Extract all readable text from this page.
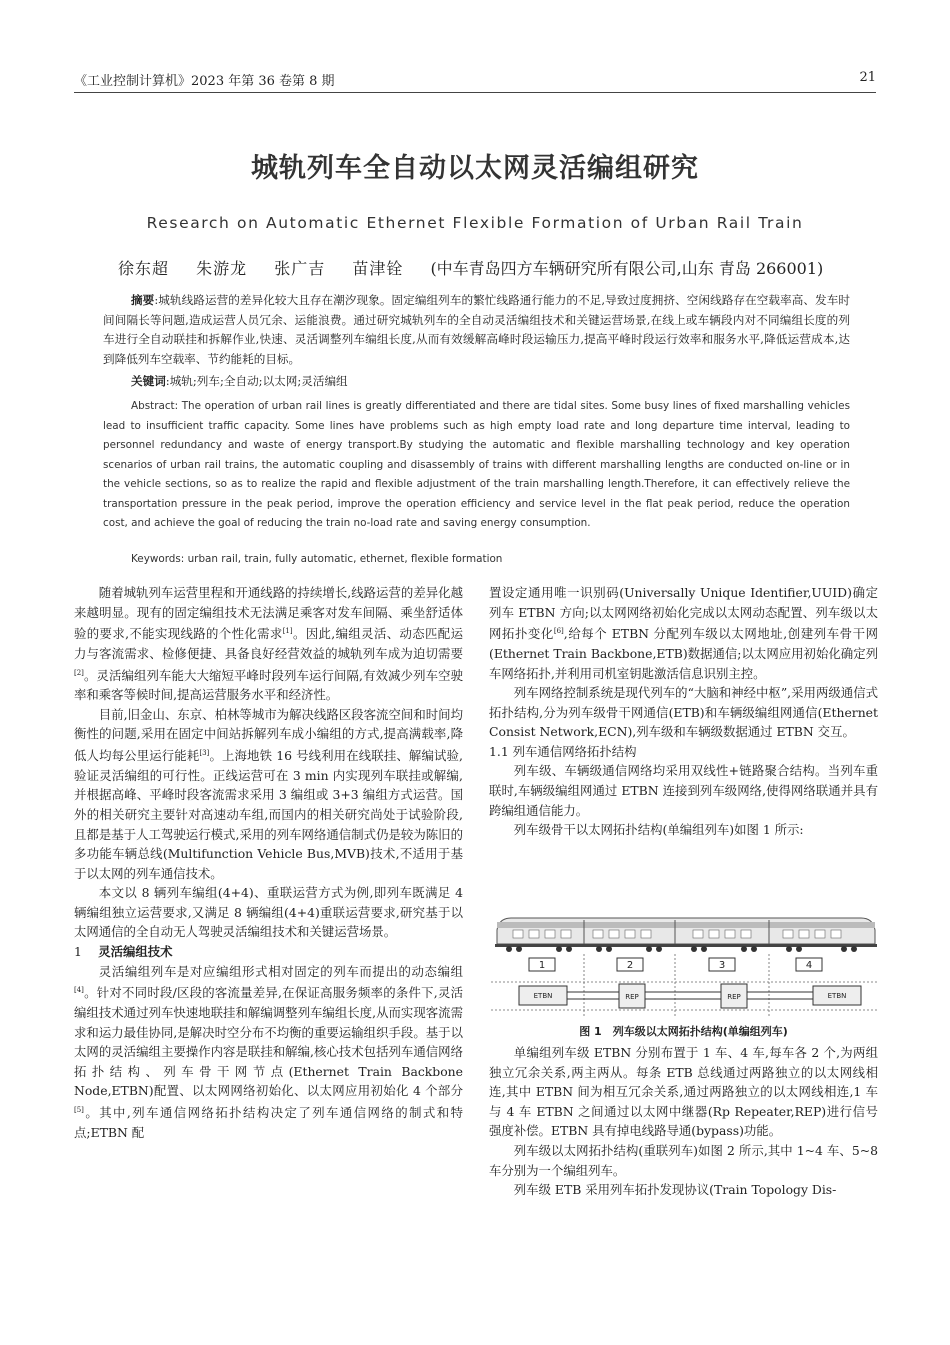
《工业控制计算机》2023 年第 36 卷第 8 期	21
城轨列车全自动以太网灵活编组研究
Research on Automatic Ethernet Flexible Formation of Urban Rail Train
徐东超 朱游龙 张广吉 苗津铨 (中车青岛四方车辆研究所有限公司,山东 青岛 266001)
摘要:城轨线路运营的差异化较大且存在潮汐现象。固定编组列车的繁忙线路通行能力的不足,导致过度拥挤、空闲线路存在空载率高、发车时间间隔长等问题,造成运营人员冗余、运能浪费。通过研究城轨列车的全自动灵活编组技术和关键运营场景,在线上或车辆段内对不同编组长度的列车进行全自动联挂和拆解作业,快速、灵活调整列车编组长度,从而有效缓解高峰时段运输压力,提高平峰时段运行效率和服务水平,降低运营成本,达到降低列车空载率、节约能耗的目标。
关键词:城轨;列车;全自动;以太网;灵活编组
Abstract: The operation of urban rail lines is greatly differentiated and there are tidal sites. Some busy lines of fixed marshalling vehicles lead to insufficient traffic capacity. Some lines have problems such as high empty load rate and long departure time interval, leading to personnel redundancy and waste of energy transport.By studying the automatic and flexible marshalling technology and key operation scenarios of urban rail trains, the automatic coupling and disassembly of trains with different marshalling lengths are conducted on-line or in the vehicle sections, so as to realize the rapid and flexible adjustment of the train marshalling length.Therefore, it can effectively relieve the transportation pressure in the peak period, improve the operation efficiency and service level in the flat peak period, reduce the operation cost, and achieve the goal of reducing the train no-load rate and saving energy consumption.
Keywords: urban rail, train, fully automatic, ethernet, flexible formation

随着城轨列车运营里程和开通线路的持续增长,线路运营的差异化越来越明显。现有的固定编组技术无法满足乘客对发车间隔、乘坐舒适体验的要求,不能实现线路的个性化需求[1]。因此,编组灵活、动态匹配运力与客流需求、检修便捷、具备良好经营效益的城轨列车成为迫切需要[2]。灵活编组列车能大大缩短平峰时段列车运行间隔,有效减少列车空驶率和乘客等候时间,提高运营服务水平和经济性。

目前,旧金山、东京、柏林等城市为解决线路区段客流空间和时间均衡性的问题,采用在固定中间站拆解列车成小编组的方式,提高满载率,降低人均每公里运行能耗[3]。上海地铁 16 号线利用在线联挂、解编试验,验证灵活编组的可行性。正线运营可在 3 min 内实现列车联挂或解编,并根据高峰、平峰时段客流需求采用 3 编组或 3+3 编组方式运营。国外的相关研究主要针对高速动车组,而国内的相关研究尚处于试验阶段,且都是基于人工驾驶运行模式,采用的列车网络通信制式仍是较为陈旧的多功能车辆总线(Multifunction Vehicle Bus,MVB)技术,不适用于基于以太网的列车通信技术。

本文以 8 辆列车编组(4+4)、重联运营方式为例,即列车既满足 4 辆编组独立运营要求,又满足 8 辆编组(4+4)重联运营要求,研究基于以太网通信的全自动无人驾驶灵活编组技术和关键运营场景。

1　 灵活编组技术

灵活编组列车是对应编组形式相对固定的列车而提出的动态编组[4]。针对不同时段/区段的客流量差异,在保证高服务频率的条件下,灵活编组技术通过列车快速地联挂和解编调整列车编组长度,从而实现客流需求和运力最佳协同,是解决时空分布不均衡的重要运输组织手段。基于以太网的灵活编组主要操作内容是联挂和解编,核心技术包括列车通信网络拓扑结构、列车骨干网节点(Ethernet Train Backbone Node,ETBN)配置、以太网网络初始化、以太网应用初始化 4 个部分[5]。其中,列车通信网络拓扑结构决定了列车通信网络的制式和特点;ETBN 配

置设定通用唯一识别码(Universally Unique Identifier,UUID)确定列车 ETBN 方向;以太网网络初始化完成以太网动态配置、列车级以太网拓扑变化[6],给每个 ETBN 分配列车级以太网地址,创建列车骨干网(Ethernet Train Backbone,ETB)数据通信;以太网应用初始化确定列车网络拓扑,并利用司机室钥匙激活信息识别主控。

列车网络控制系统是现代列车的“大脑和神经中枢”,采用两级通信式拓扑结构,分为列车级骨干网通信(ETB)和车辆级编组网通信(Ethernet Consist Network,ECN),列车级和车辆级数据通过 ETBN 交互。

1.1 列车通信网络拓扑结构

列车级、车辆级通信网络均采用双线性+链路聚合结构。当列车重联时,车辆级编组网通过 ETBN 连接到列车级网络,使得网络联通并具有跨编组通信能力。

列车级骨干以太网拓扑结构(单编组列车)如图 1 所示:

1	2	3	4
ETBN	REP	REP	ETBN
图 1　列车级以太网拓扑结构(单编组列车)

单编组列车级 ETBN 分别布置于 1 车、4 车,每车各 2 个,为两组独立冗余关系,两主两从。每条 ETB 总线通过两路独立的以太网线相连,其中 ETBN 间为相互冗余关系,通过两路独立的以太网线相连,1 车与 4 车 ETBN 之间通过以太网中继器(Rp Repeater,REP)进行信号强度补偿。ETBN 具有掉电线路导通(bypass)功能。

列车级以太网拓扑结构(重联列车)如图 2 所示,其中 1~4 车、5~8 车分别为一个编组列车。

列车级 ETB 采用列车拓扑发现协议(Train Topology Dis-
